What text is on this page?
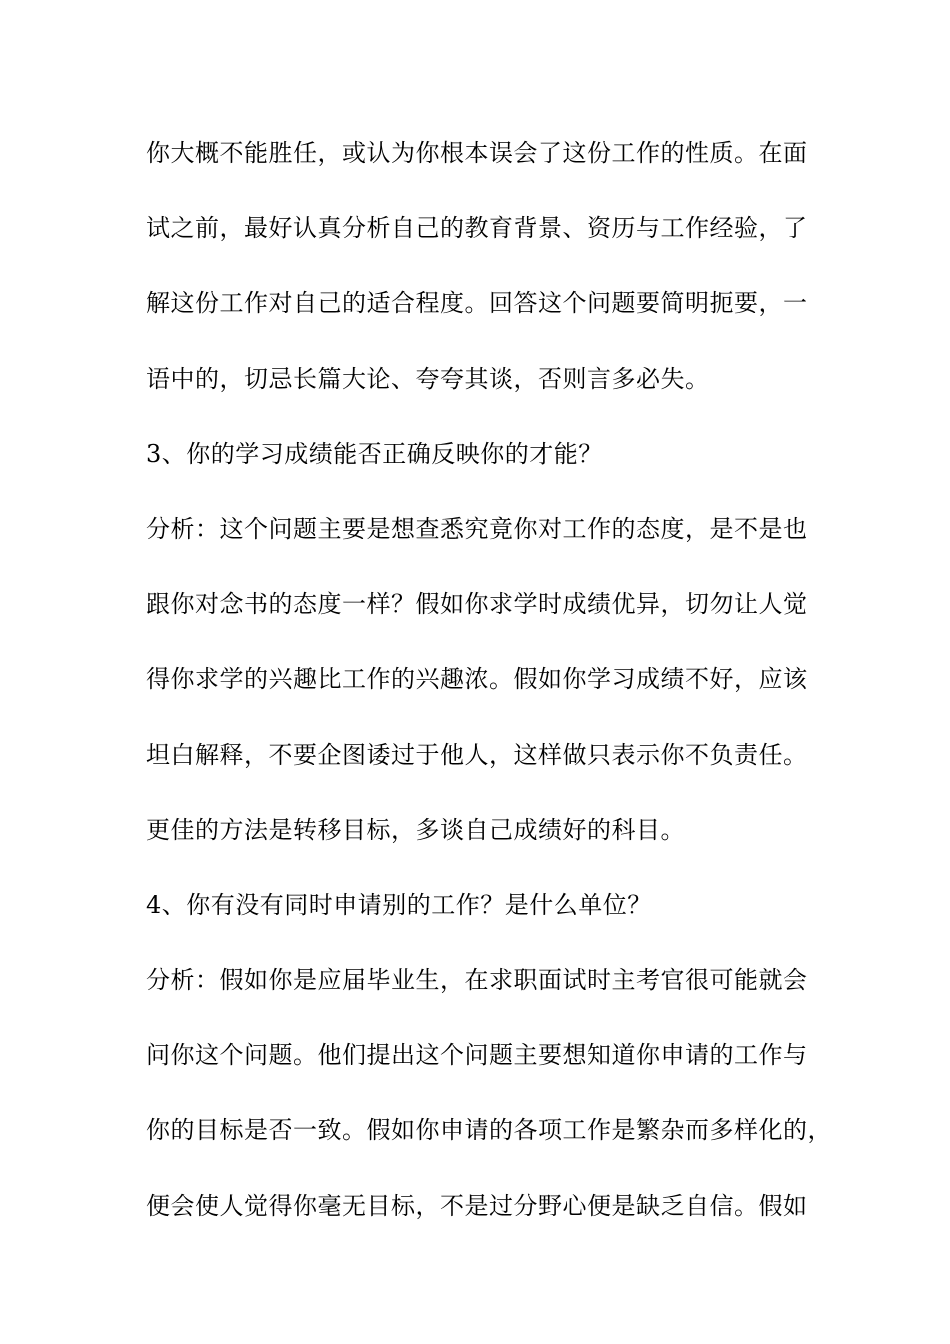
你大概不能胜任，或认为你根本误会了这份工作的性质。在面
试之前，最好认真分析自己的教育背景、资历与工作经验，了
解这份工作对自己的适合程度。回答这个问题要简明扼要，一
语中的，切忌长篇大论、夸夸其谈，否则言多必失。
3、你的学习成绩能否正确反映你的才能？
分析：这个问题主要是想查悉究竟你对工作的态度，是不是也
跟你对念书的态度一样？假如你求学时成绩优异，切勿让人觉
得你求学的兴趣比工作的兴趣浓。假如你学习成绩不好，应该
坦白解释，不要企图诿过于他人，这样做只表示你不负责任。
更佳的方法是转移目标，多谈自己成绩好的科目。
4、你有没有同时申请别的工作？是什么单位？
分析：假如你是应届毕业生，在求职面试时主考官很可能就会
问你这个问题。他们提出这个问题主要想知道你申请的工作与
你的目标是否一致。假如你申请的各项工作是繁杂而多样化的，
便会使人觉得你毫无目标，不是过分野心便是缺乏自信。假如
